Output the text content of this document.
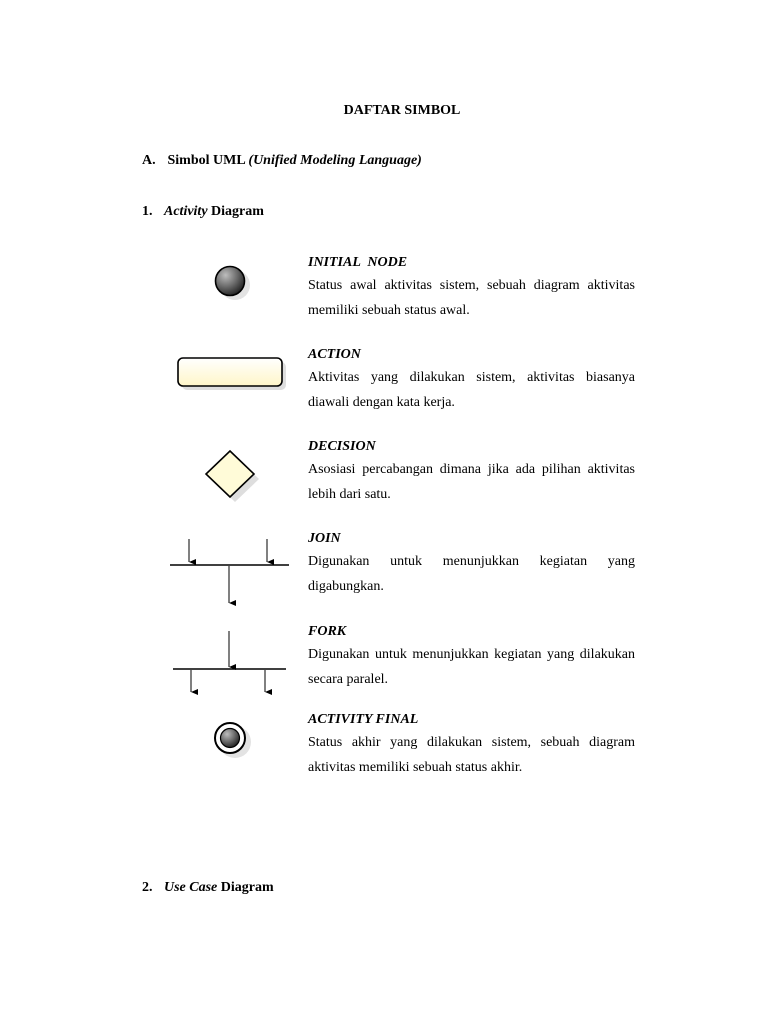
DAFTAR SIMBOL
A. Simbol UML (Unified Modeling Language)
1. Activity Diagram
INITIAL  NODE
Status awal aktivitas sistem, sebuah diagram aktivitas memiliki sebuah status awal.
ACTION
Aktivitas yang dilakukan sistem, aktivitas biasanya diawali dengan kata kerja.
DECISION
Asosiasi percabangan dimana jika ada pilihan aktivitas lebih dari satu.
JOIN
Digunakan untuk menunjukkan kegiatan yang digabungkan.
FORK
Digunakan untuk menunjukkan kegiatan yang dilakukan secara paralel.
ACTIVITY FINAL
Status akhir yang dilakukan sistem, sebuah diagram aktivitas memiliki sebuah status akhir.
2. Use Case Diagram
